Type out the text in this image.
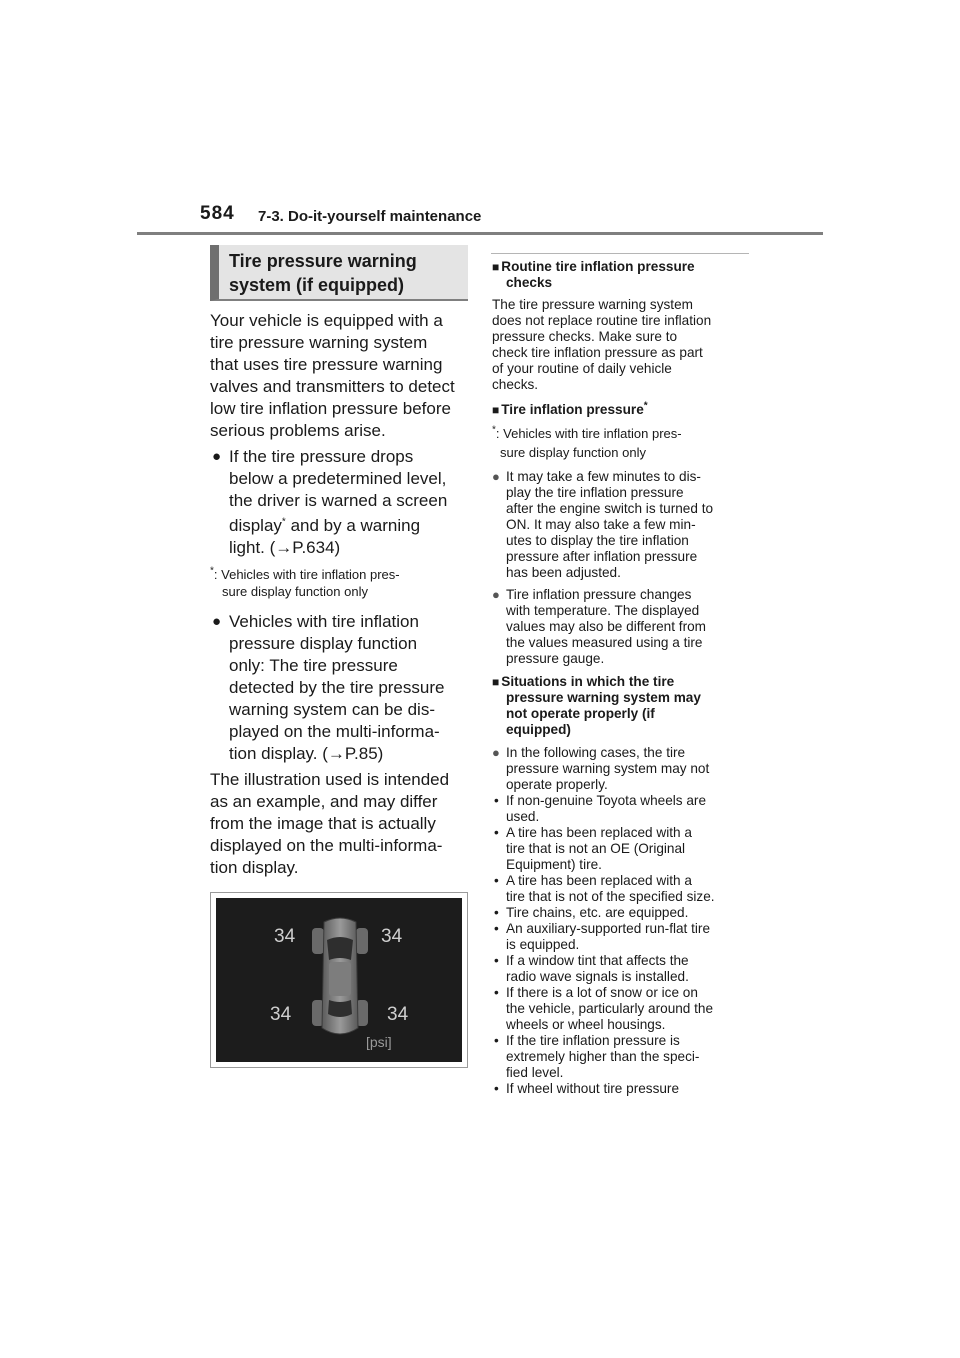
584 7-3. Do-it-yourself maintenance
Tire pressure warning
system (if equipped)
Your vehicle is equipped with a
tire pressure warning system
that uses tire pressure warning
valves and transmitters to detect
low tire inflation pressure before
serious problems arise.
● If the tire pressure drops
below a predetermined level,
the driver is warned a screen
display* and by a warning
light. (→P.634)
*: Vehicles with tire inflation pres-
sure display function only
● Vehicles with tire inflation
pressure display function
only: The tire pressure
detected by the tire pressure
warning system can be dis-
played on the multi-informa-
tion display. (→P.85)
The illustration used is intended
as an example, and may differ
from the image that is actually
displayed on the multi-informa-
tion display.
34	34
34	34
[psi]
■ Routine tire inflation pressure
checks
The tire pressure warning system
does not replace routine tire inflation
pressure checks. Make sure to
check tire inflation pressure as part
of your routine of daily vehicle
checks.
■ Tire inflation pressure*
*: Vehicles with tire inflation pres-
sure display function only
● It may take a few minutes to dis-
play the tire inflation pressure
after the engine switch is turned to
ON. It may also take a few min-
utes to display the tire inflation
pressure after inflation pressure
has been adjusted.
● Tire inflation pressure changes
with temperature. The displayed
values may also be different from
the values measured using a tire
pressure gauge.
■ Situations in which the tire
pressure warning system may
not operate properly (if
equipped)
● In the following cases, the tire
pressure warning system may not
operate properly.
• If non-genuine Toyota wheels are
used.
• A tire has been replaced with a
tire that is not an OE (Original
Equipment) tire.
• A tire has been replaced with a
tire that is not of the specified size.
• Tire chains, etc. are equipped.
• An auxiliary-supported run-flat tire
is equipped.
• If a window tint that affects the
radio wave signals is installed.
• If there is a lot of snow or ice on
the vehicle, particularly around the
wheels or wheel housings.
• If the tire inflation pressure is
extremely higher than the speci-
fied level.
• If wheel without tire pressure
